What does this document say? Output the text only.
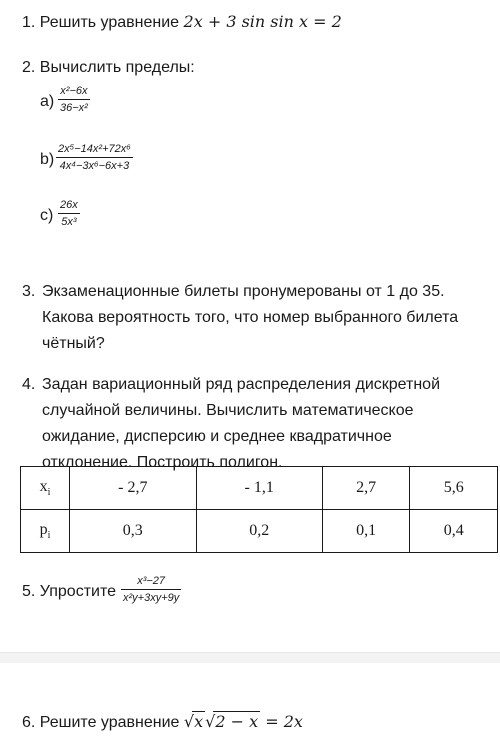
1. Решить уравнение 2x + 3 sin sin x = 2
2. Вычислить пределы:
a)
x²−6x
36−x²
b)
2x⁵−14x²+72x⁶
4x⁴−3x⁶−6x+3
c)
26x
5x³
3. Экзаменационные билеты пронумерованы от 1 до 35.
Какова вероятность того, что номер выбранного билета
чётный?
4. Задан вариационный ряд распределения дискретной
случайной величины. Вычислить математическое
ожидание, дисперсию и среднее квадратичное
отклонение. Построить полигон.
$x_i$	- 2,7	- 1,1	2,7	5,6
$p_i$	0,3	0,2	0,1	0,4
5. Упростите
x³−27
x²y+3xy+9y
6. Решите уравнение √x √2 − x = 2x
